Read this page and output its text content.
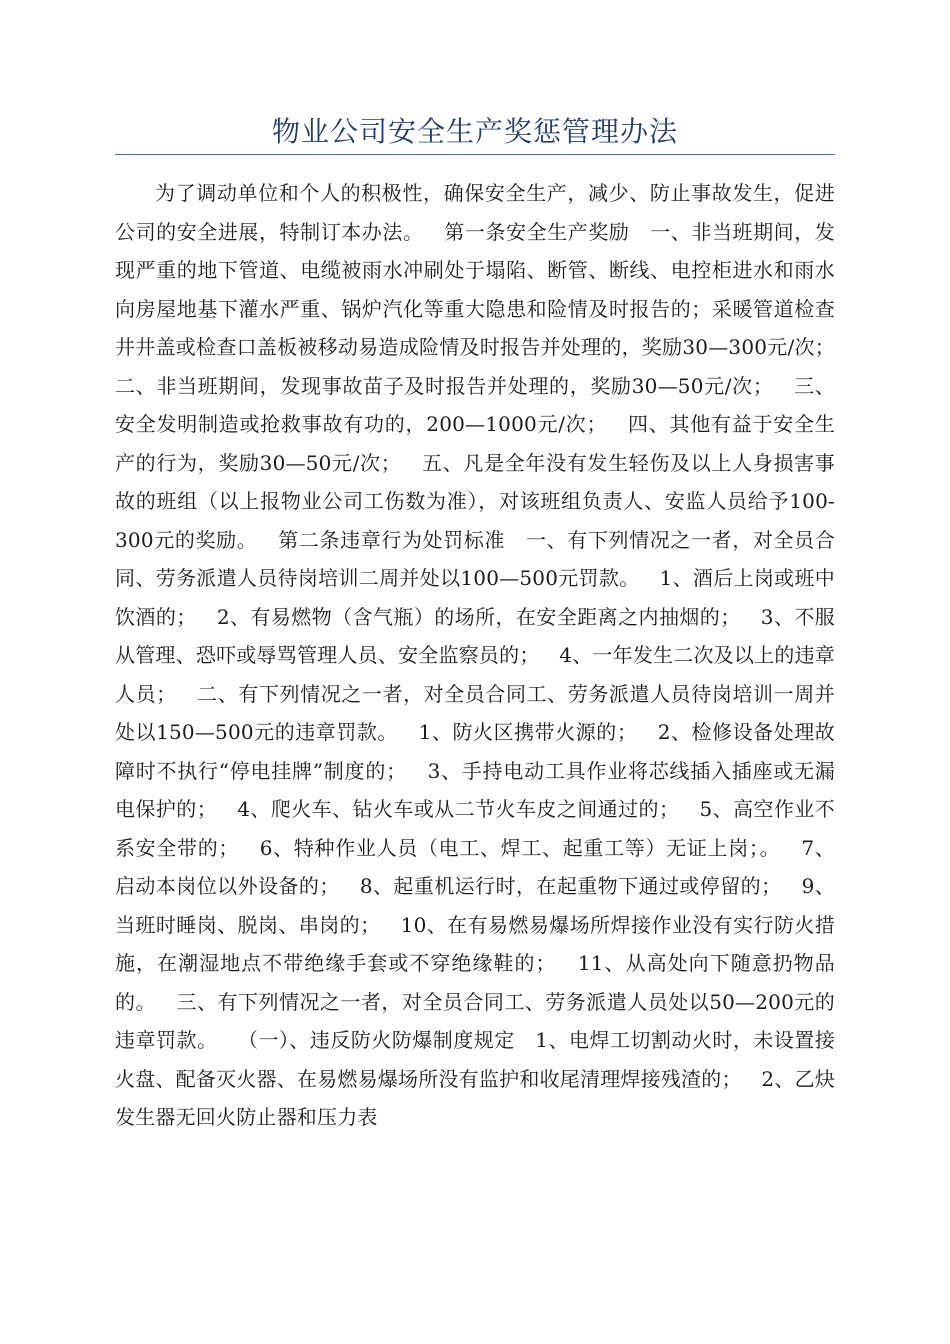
物业公司安全生产奖惩管理办法

为了调动单位和个人的积极性，确保安全生产，减少、防止事故发生，促进公司的安全进展，特制订本办法。   第一条安全生产奖励   一、非当班期间，发现严重的地下管道、电缆被雨水冲刷处于塌陷、断管、断线、电控柜进水和雨水向房屋地基下灌水严重、锅炉汽化等重大隐患和险情及时报告的；采暖管道检查井井盖或检查口盖板被移动易造成险情及时报告并处理的，奖励30—300元/次；   二、非当班期间，发现事故苗子及时报告并处理的，奖励30—50元/次；   三、安全发明制造或抢救事故有功的，200—1000元/次；   四、其他有益于安全生产的行为，奖励30—50元/次；   五、凡是全年没有发生轻伤及以上人身损害事故的班组（以上报物业公司工伤数为准），对该班组负责人、安监人员给予100-300元的奖励。   第二条违章行为处罚标准   一、有下列情况之一者，对全员合同、劳务派遣人员待岗培训二周并处以100—500元罚款。   1、酒后上岗或班中饮酒的；   2、有易燃物（含气瓶）的场所，在安全距离之内抽烟的；   3、不服从管理、恐吓或辱骂管理人员、安全监察员的；   4、一年发生二次及以上的违章人员；   二、有下列情况之一者，对全员合同工、劳务派遣人员待岗培训一周并处以150—500元的违章罚款。   1、防火区携带火源的；   2、检修设备处理故障时不执行“停电挂牌”制度的；   3、手持电动工具作业将芯线插入插座或无漏电保护的；   4、爬火车、钻火车或从二节火车皮之间通过的；   5、高空作业不系安全带的；   6、特种作业人员（电工、焊工、起重工等）无证上岗；。   7、启动本岗位以外设备的；   8、起重机运行时，在起重物下通过或停留的；   9、当班时睡岗、脱岗、串岗的；   10、在有易燃易爆场所焊接作业没有实行防火措施，在潮湿地点不带绝缘手套或不穿绝缘鞋的；   11、从高处向下随意扔物品的。   三、有下列情况之一者，对全员合同工、劳务派遣人员处以50—200元的违章罚款。   （一）、违反防火防爆制度规定   1、电焊工切割动火时，未设置接火盘、配备灭火器、在易燃易爆场所没有监护和收尾清理焊接残渣的；   2、乙炔发生器无回火防止器和压力表
